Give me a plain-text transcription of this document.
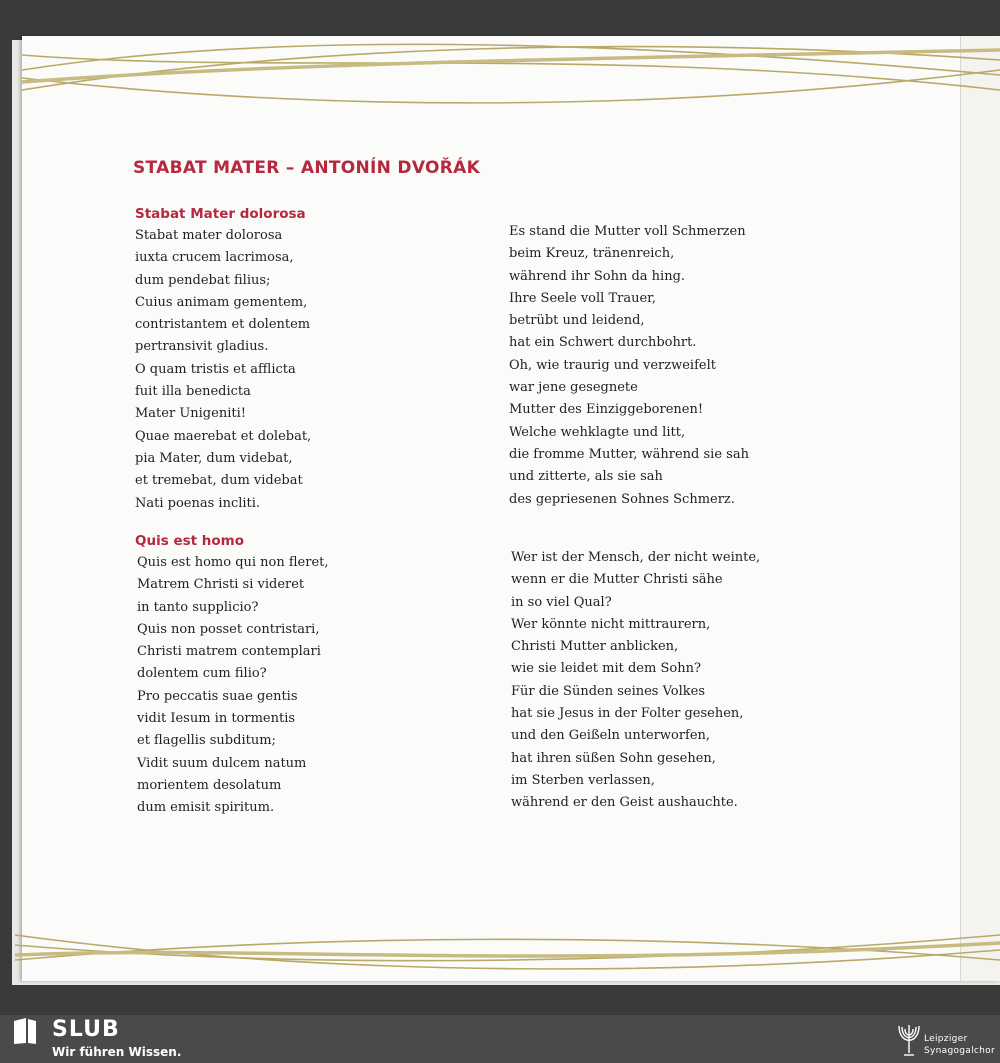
STABAT MATER – ANTONÍN DVOŘÁK
Stabat Mater dolorosa
Stabat mater dolorosa
iuxta crucem lacrimosa,
dum pendebat filius;
Cuius animam gementem,
contristantem et dolentem
pertransivit gladius.
O quam tristis et afflicta
fuit illa benedicta
Mater Unigeniti!
Quae maerebat et dolebat,
pia Mater, dum videbat,
et tremebat, dum videbat
Nati poenas incliti.
Es stand die Mutter voll Schmerzen
beim Kreuz, tränenreich,
während ihr Sohn da hing.
Ihre Seele voll Trauer,
betrübt und leidend,
hat ein Schwert durchbohrt.
Oh, wie traurig und verzweifelt
war jene gesegnete
Mutter des Einziggeborenen!
Welche wehklagte und litt,
die fromme Mutter, während sie sah
und zitterte, als sie sah
des gepriesenen Sohnes Schmerz.
Quis est homo
Quis est homo qui non fleret,
Matrem Christi si videret
in tanto supplicio?
Quis non posset contristari,
Christi matrem contemplari
dolentem cum filio?
Pro peccatis suae gentis
vidit Iesum in tormentis
et flagellis subditum;
Vidit suum dulcem natum
morientem desolatum
dum emisit spiritum.
Wer ist der Mensch, der nicht weinte,
wenn er die Mutter Christi sähe
in so viel Qual?
Wer könnte nicht mittraurern,
Christi Mutter anblicken,
wie sie leidet mit dem Sohn?
Für die Sünden seines Volkes
hat sie Jesus in der Folter gesehen,
und den Geißeln unterworfen,
hat ihren süßen Sohn gesehen,
im Sterben verlassen,
während er den Geist aushauchte.
SLUB
Wir führen Wissen.
Leipziger
Synagogalchor
